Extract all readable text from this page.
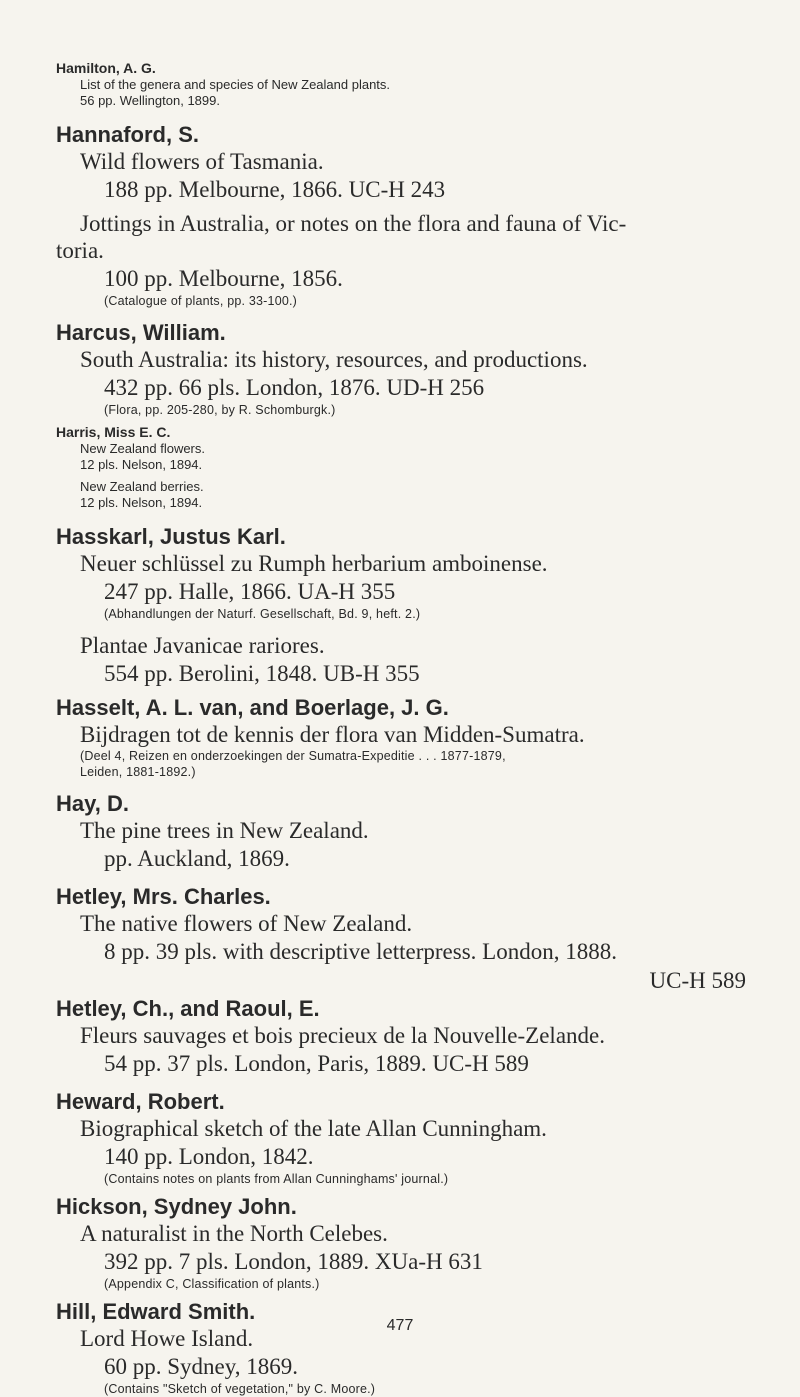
Hamilton, A. G.

List of the genera and species of New Zealand plants.

56 pp. Wellington, 1899.

Hannaford, S.

Wild flowers of Tasmania.

188 pp. Melbourne, 1866. UC-H 243

Jottings in Australia, or notes on the flora and fauna of Vic-

toria.

100 pp. Melbourne, 1856.

(Catalogue of plants, pp. 33-100.)

Harcus, William.

South Australia: its history, resources, and productions.

432 pp. 66 pls. London, 1876. UD-H 256

(Flora, pp. 205-280, by R. Schomburgk.)

Harris, Miss E. C.

New Zealand flowers.

12 pls. Nelson, 1894.

New Zealand berries.

12 pls. Nelson, 1894.

Hasskarl, Justus Karl.

Neuer schlüssel zu Rumph herbarium amboinense.

247 pp. Halle, 1866. UA-H 355

(Abhandlungen der Naturf. Gesellschaft, Bd. 9, heft. 2.)

Plantae Javanicae rariores.

554 pp. Berolini, 1848. UB-H 355

Hasselt, A. L. van, and Boerlage, J. G.

Bijdragen tot de kennis der flora van Midden-Sumatra.

(Deel 4, Reizen en onderzoekingen der Sumatra-Expeditie . . . 1877-1879,

Leiden, 1881-1892.)

Hay, D.

The pine trees in New Zealand.

pp. Auckland, 1869.

Hetley, Mrs. Charles.

The native flowers of New Zealand.

8 pp. 39 pls. with descriptive letterpress. London, 1888.

UC-H 589

Hetley, Ch., and Raoul, E.

Fleurs sauvages et bois precieux de la Nouvelle-Zelande.

54 pp. 37 pls. London, Paris, 1889. UC-H 589

Heward, Robert.

Biographical sketch of the late Allan Cunningham.

140 pp. London, 1842.

(Contains notes on plants from Allan Cunninghams' journal.)

Hickson, Sydney John.

A naturalist in the North Celebes.

392 pp. 7 pls. London, 1889. XUa-H 631

(Appendix C, Classification of plants.)

Hill, Edward Smith.

Lord Howe Island.

60 pp. Sydney, 1869.

(Contains "Sketch of vegetation," by C. Moore.)

477
